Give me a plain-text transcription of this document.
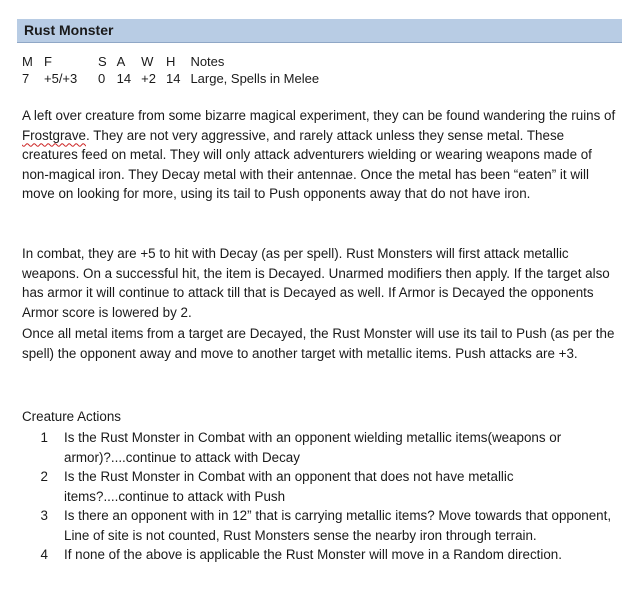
Rust Monster
M	F	S	A	W	H	Notes
7	+5/+3	0	14	+2	14	Large, Spells in Melee
A left over creature from some bizarre magical experiment, they can be found wandering the ruins of Frostgrave. They are not very aggressive, and rarely attack unless they sense metal. These creatures feed on metal. They will only attack adventurers wielding or wearing weapons made of non-magical iron. They Decay metal with their antennae. Once the metal has been “eaten” it will move on looking for more, using its tail to Push opponents away that do not have iron.
In combat, they are +5 to hit with Decay (as per spell). Rust Monsters will first attack metallic weapons. On a successful hit, the item is Decayed. Unarmed modifiers then apply. If the target also has armor it will continue to attack till that is Decayed as well. If Armor is Decayed the opponents Armor score is lowered by 2.
Once all metal items from a target are Decayed, the Rust Monster will use its tail to Push (as per the spell) the opponent away and move to another target with metallic items. Push attacks are +3.
Creature Actions
1	Is the Rust Monster in Combat with an opponent wielding metallic items(weapons or armor)?....continue to attack with Decay
2	Is the Rust Monster in Combat with an opponent that does not have metallic items?....continue to attack with Push
3	Is there an opponent with in 12” that is carrying metallic items? Move towards that opponent, Line of site is not counted, Rust Monsters sense the nearby iron through terrain.
4	If none of the above is applicable the Rust Monster will move in a Random direction.
